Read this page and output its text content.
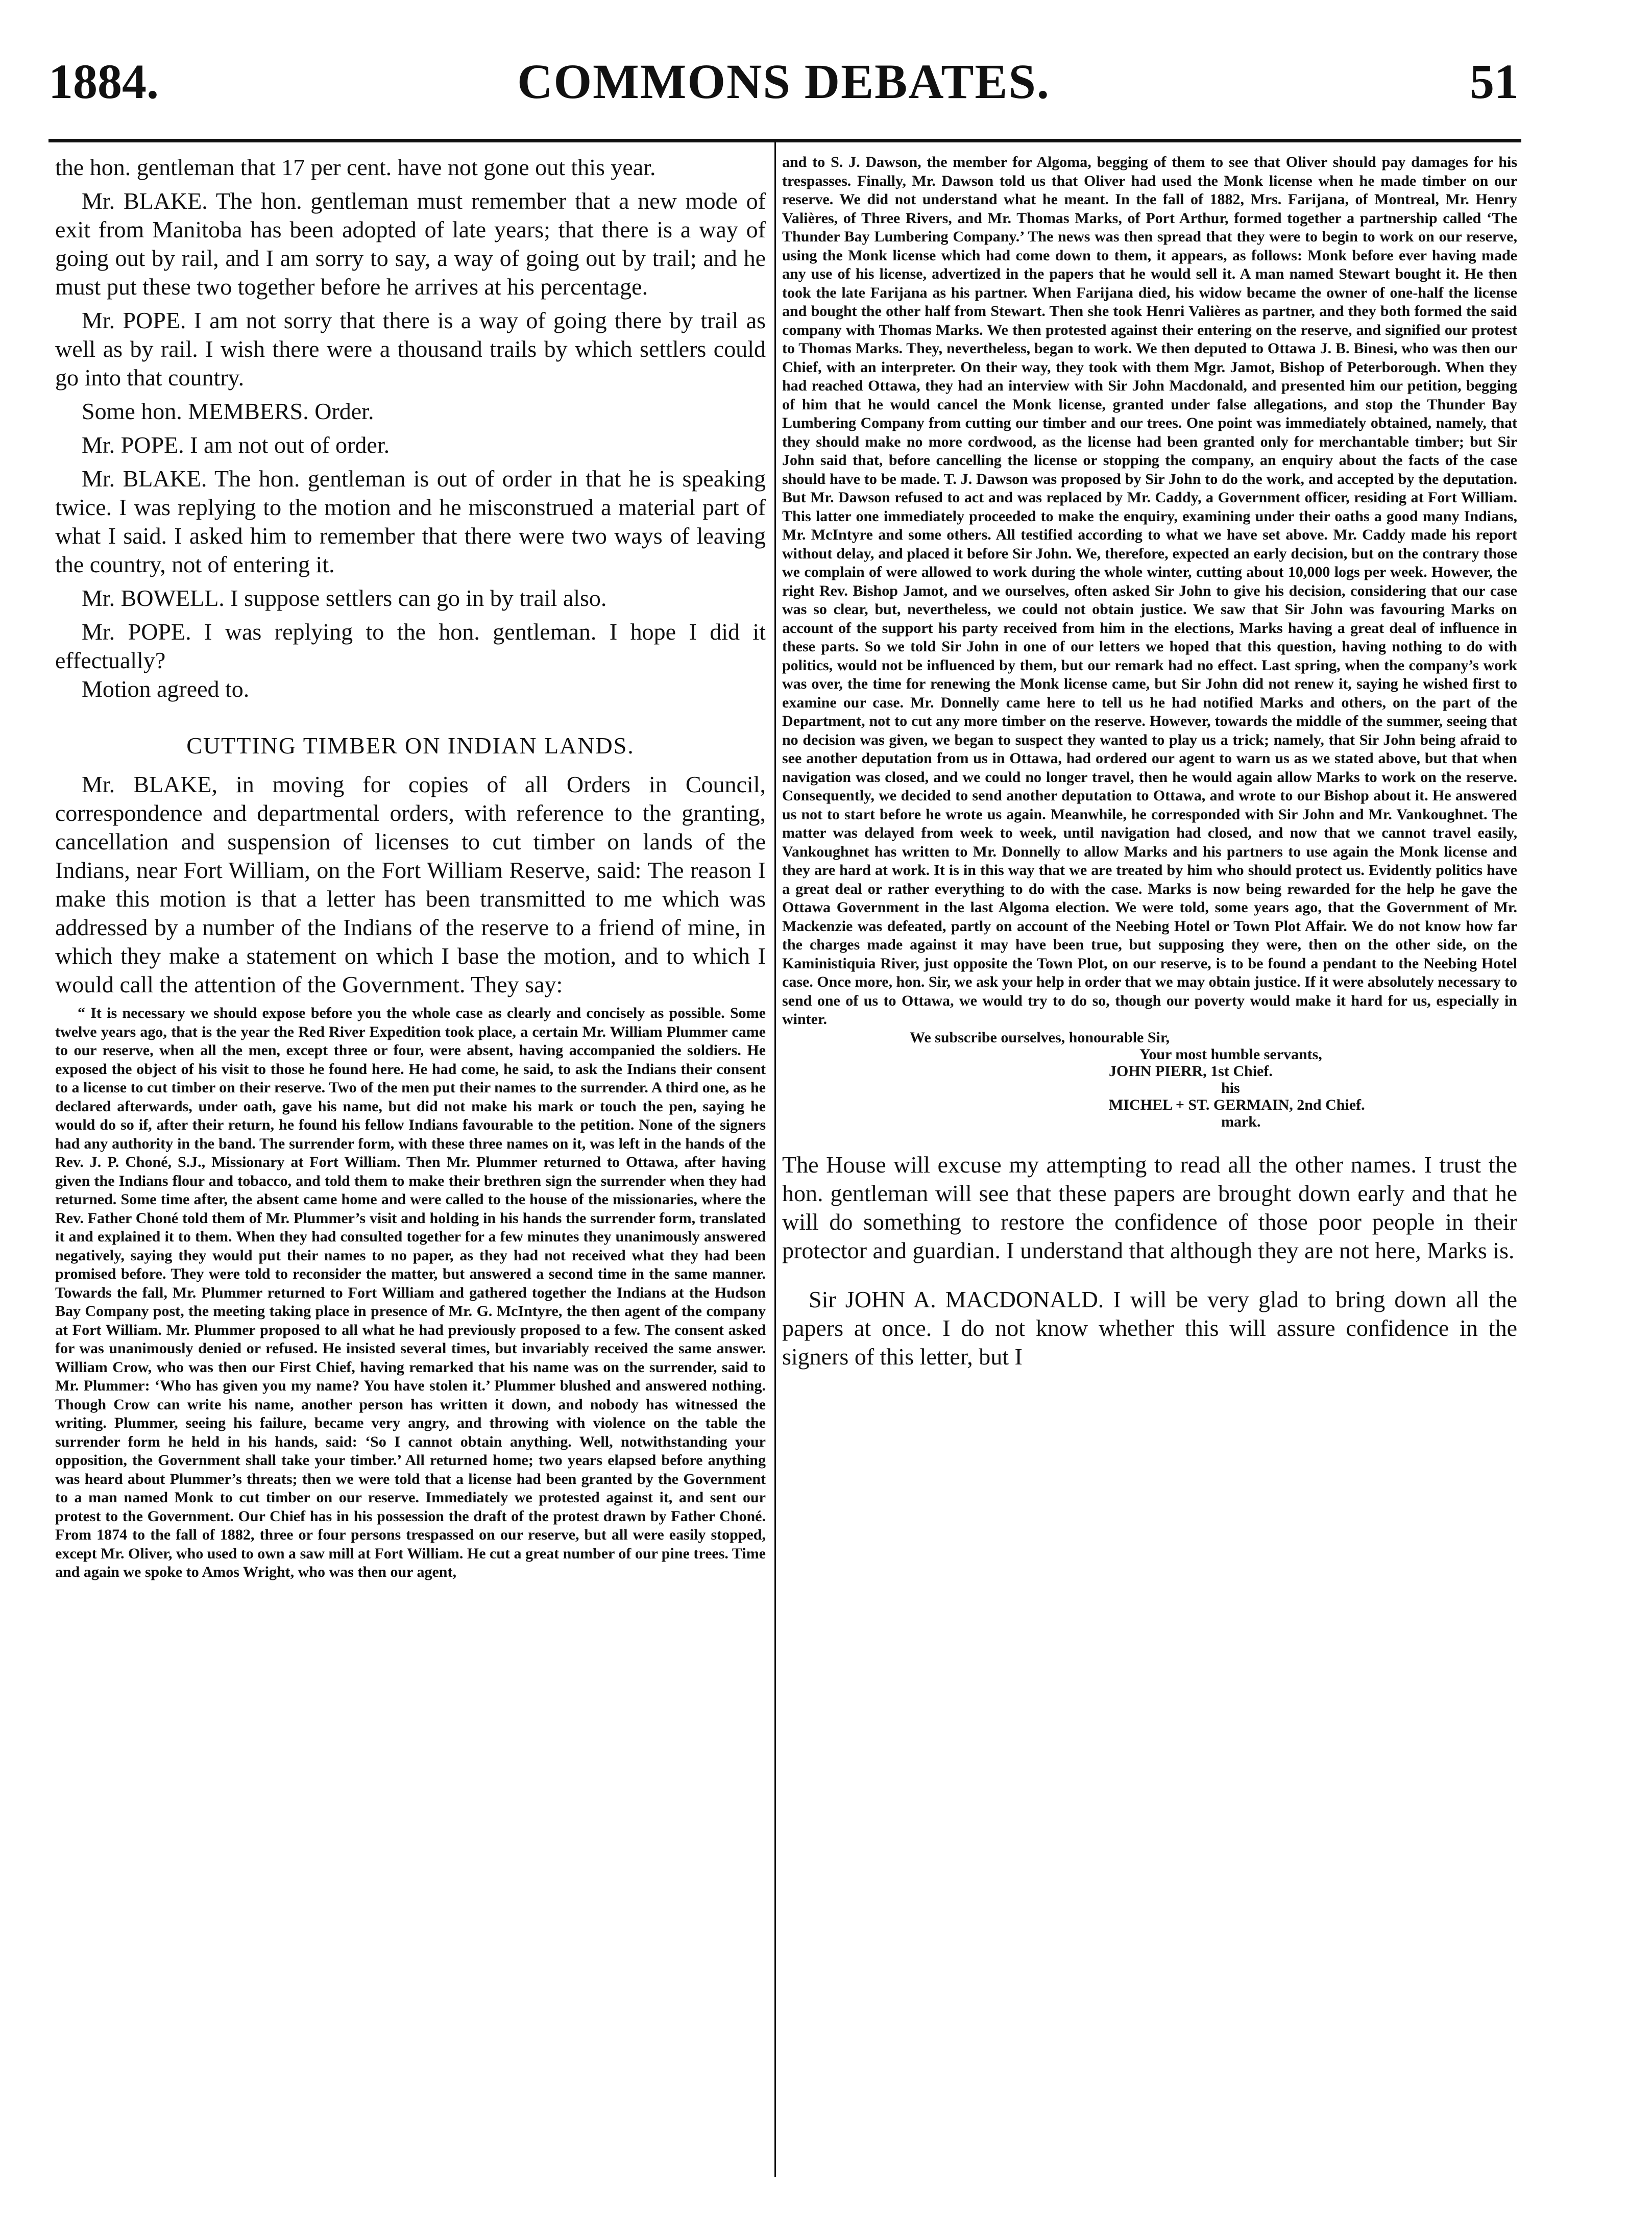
1884.	COMMONS DEBATES.	51

the hon. gentleman that 17 per cent. have not gone out this year.

Mr. BLAKE. The hon. gentleman must remember that a new mode of exit from Manitoba has been adopted of late years; that there is a way of going out by rail, and I am sorry to say, a way of going out by trail; and he must put these two together before he arrives at his percentage.

Mr. POPE. I am not sorry that there is a way of going there by trail as well as by rail. I wish there were a thousand trails by which settlers could go into that country.

Some hon. MEMBERS. Order.

Mr. POPE. I am not out of order.

Mr. BLAKE. The hon. gentleman is out of order in that he is speaking twice. I was replying to the motion and he misconstrued a material part of what I said. I asked him to remember that there were two ways of leaving the country, not of entering it.

Mr. BOWELL. I suppose settlers can go in by trail also.

Mr. POPE. I was replying to the hon. gentleman. I hope I did it effectually?

Motion agreed to.

CUTTING TIMBER ON INDIAN LANDS.

Mr. BLAKE, in moving for copies of all Orders in Council, correspondence and departmental orders, with reference to the granting, cancellation and suspension of licenses to cut timber on lands of the Indians, near Fort William, on the Fort William Reserve, said: The reason I make this motion is that a letter has been transmitted to me which was addressed by a number of the Indians of the reserve to a friend of mine, in which they make a statement on which I base the motion, and to which I would call the attention of the Government. They say:

“ It is necessary we should expose before you the whole case as clearly and concisely as possible. Some twelve years ago, that is the year the Red River Expedition took place, a certain Mr. William Plummer came to our reserve, when all the men, except three or four, were absent, having accompanied the soldiers. He exposed the object of his visit to those he found here. He had come, he said, to ask the Indians their consent to a license to cut timber on their reserve. Two of the men put their names to the surrender. A third one, as he declared afterwards, under oath, gave his name, but did not make his mark or touch the pen, saying he would do so if, after their return, he found his fellow Indians favourable to the petition. None of the signers had any authority in the band. The surrender form, with these three names on it, was left in the hands of the Rev. J. P. Choné, S.J., Missionary at Fort William. Then Mr. Plummer returned to Ottawa, after having given the Indians flour and tobacco, and told them to make their brethren sign the surrender when they had returned. Some time after, the absent came home and were called to the house of the missionaries, where the Rev. Father Choné told them of Mr. Plummer’s visit and holding in his hands the surrender form, translated it and explained it to them. When they had consulted together for a few minutes they unanimously answered negatively, saying they would put their names to no paper, as they had not received what they had been promised before. They were told to reconsider the matter, but answered a second time in the same manner. Towards the fall, Mr. Plummer returned to Fort William and gathered together the Indians at the Hudson Bay Company post, the meeting taking place in presence of Mr. G. McIntyre, the then agent of the company at Fort William. Mr. Plummer proposed to all what he had previously proposed to a few. The consent asked for was unanimously denied or refused. He insisted several times, but invariably received the same answer. William Crow, who was then our First Chief, having remarked that his name was on the surrender, said to Mr. Plummer: ‘Who has given you my name? You have stolen it.’ Plummer blushed and answered nothing. Though Crow can write his name, another person has written it down, and nobody has witnessed the writing. Plummer, seeing his failure, became very angry, and throwing with violence on the table the surrender form he held in his hands, said: ‘So I cannot obtain anything. Well, notwithstanding your opposition, the Government shall take your timber.’ All returned home; two years elapsed before anything was heard about Plummer’s threats; then we were told that a license had been granted by the Government to a man named Monk to cut timber on our reserve. Immediately we protested against it, and sent our protest to the Government. Our Chief has in his possession the draft of the protest drawn by Father Choné. From 1874 to the fall of 1882, three or four persons trespassed on our reserve, but all were easily stopped, except Mr. Oliver, who used to own a saw mill at Fort William. He cut a great number of our pine trees. Time and again we spoke to Amos Wright, who was then our agent,

and to S. J. Dawson, the member for Algoma, begging of them to see that Oliver should pay damages for his trespasses. Finally, Mr. Dawson told us that Oliver had used the Monk license when he made timber on our reserve. We did not understand what he meant. In the fall of 1882, Mrs. Farijana, of Montreal, Mr. Henry Valières, of Three Rivers, and Mr. Thomas Marks, of Port Arthur, formed together a partnership called ‘The Thunder Bay Lumbering Company.’ The news was then spread that they were to begin to work on our reserve, using the Monk license which had come down to them, it appears, as follows: Monk before ever having made any use of his license, advertized in the papers that he would sell it. A man named Stewart bought it. He then took the late Farijana as his partner. When Farijana died, his widow became the owner of one-half the license and bought the other half from Stewart. Then she took Henri Valières as partner, and they both formed the said company with Thomas Marks. We then protested against their entering on the reserve, and signified our protest to Thomas Marks. They, nevertheless, began to work. We then deputed to Ottawa J. B. Binesi, who was then our Chief, with an interpreter. On their way, they took with them Mgr. Jamot, Bishop of Peterborough. When they had reached Ottawa, they had an interview with Sir John Macdonald, and presented him our petition, begging of him that he would cancel the Monk license, granted under false allegations, and stop the Thunder Bay Lumbering Company from cutting our timber and our trees. One point was immediately obtained, namely, that they should make no more cordwood, as the license had been granted only for merchantable timber; but Sir John said that, before cancelling the license or stopping the company, an enquiry about the facts of the case should have to be made. T. J. Dawson was proposed by Sir John to do the work, and accepted by the deputation. But Mr. Dawson refused to act and was replaced by Mr. Caddy, a Government officer, residing at Fort William. This latter one immediately proceeded to make the enquiry, examining under their oaths a good many Indians, Mr. McIntyre and some others. All testified according to what we have set above. Mr. Caddy made his report without delay, and placed it before Sir John. We, therefore, expected an early decision, but on the contrary those we complain of were allowed to work during the whole winter, cutting about 10,000 logs per week. However, the right Rev. Bishop Jamot, and we ourselves, often asked Sir John to give his decision, considering that our case was so clear, but, nevertheless, we could not obtain justice. We saw that Sir John was favouring Marks on account of the support his party received from him in the elections, Marks having a great deal of influence in these parts. So we told Sir John in one of our letters we hoped that this question, having nothing to do with politics, would not be influenced by them, but our remark had no effect. Last spring, when the company’s work was over, the time for renewing the Monk license came, but Sir John did not renew it, saying he wished first to examine our case. Mr. Donnelly came here to tell us he had notified Marks and others, on the part of the Department, not to cut any more timber on the reserve. However, towards the middle of the summer, seeing that no decision was given, we began to suspect they wanted to play us a trick; namely, that Sir John being afraid to see another deputation from us in Ottawa, had ordered our agent to warn us as we stated above, but that when navigation was closed, and we could no longer travel, then he would again allow Marks to work on the reserve. Consequently, we decided to send another deputation to Ottawa, and wrote to our Bishop about it. He answered us not to start before he wrote us again. Meanwhile, he corresponded with Sir John and Mr. Vankoughnet. The matter was delayed from week to week, until navigation had closed, and now that we cannot travel easily, Vankoughnet has written to Mr. Donnelly to allow Marks and his partners to use again the Monk license and they are hard at work. It is in this way that we are treated by him who should protect us. Evidently politics have a great deal or rather everything to do with the case. Marks is now being rewarded for the help he gave the Ottawa Government in the last Algoma election. We were told, some years ago, that the Government of Mr. Mackenzie was defeated, partly on account of the Neebing Hotel or Town Plot Affair. We do not know how far the charges made against it may have been true, but supposing they were, then on the other side, on the Kaministiquia River, just opposite the Town Plot, on our reserve, is to be found a pendant to the Neebing Hotel case. Once more, hon. Sir, we ask your help in order that we may obtain justice. If it were absolutely necessary to send one of us to Ottawa, we would try to do so, though our poverty would make it hard for us, especially in winter.

We subscribe ourselves, honourable Sir,
Your most humble servants,
JOHN PIERR, 1st Chief.
his
MICHEL + ST. GERMAIN, 2nd Chief.
mark.

The House will excuse my attempting to read all the other names. I trust the hon. gentleman will see that these papers are brought down early and that he will do something to restore the confidence of those poor people in their protector and guardian. I understand that although they are not here, Marks is.

Sir JOHN A. MACDONALD. I will be very glad to bring down all the papers at once. I do not know whether this will assure confidence in the signers of this letter, but I
